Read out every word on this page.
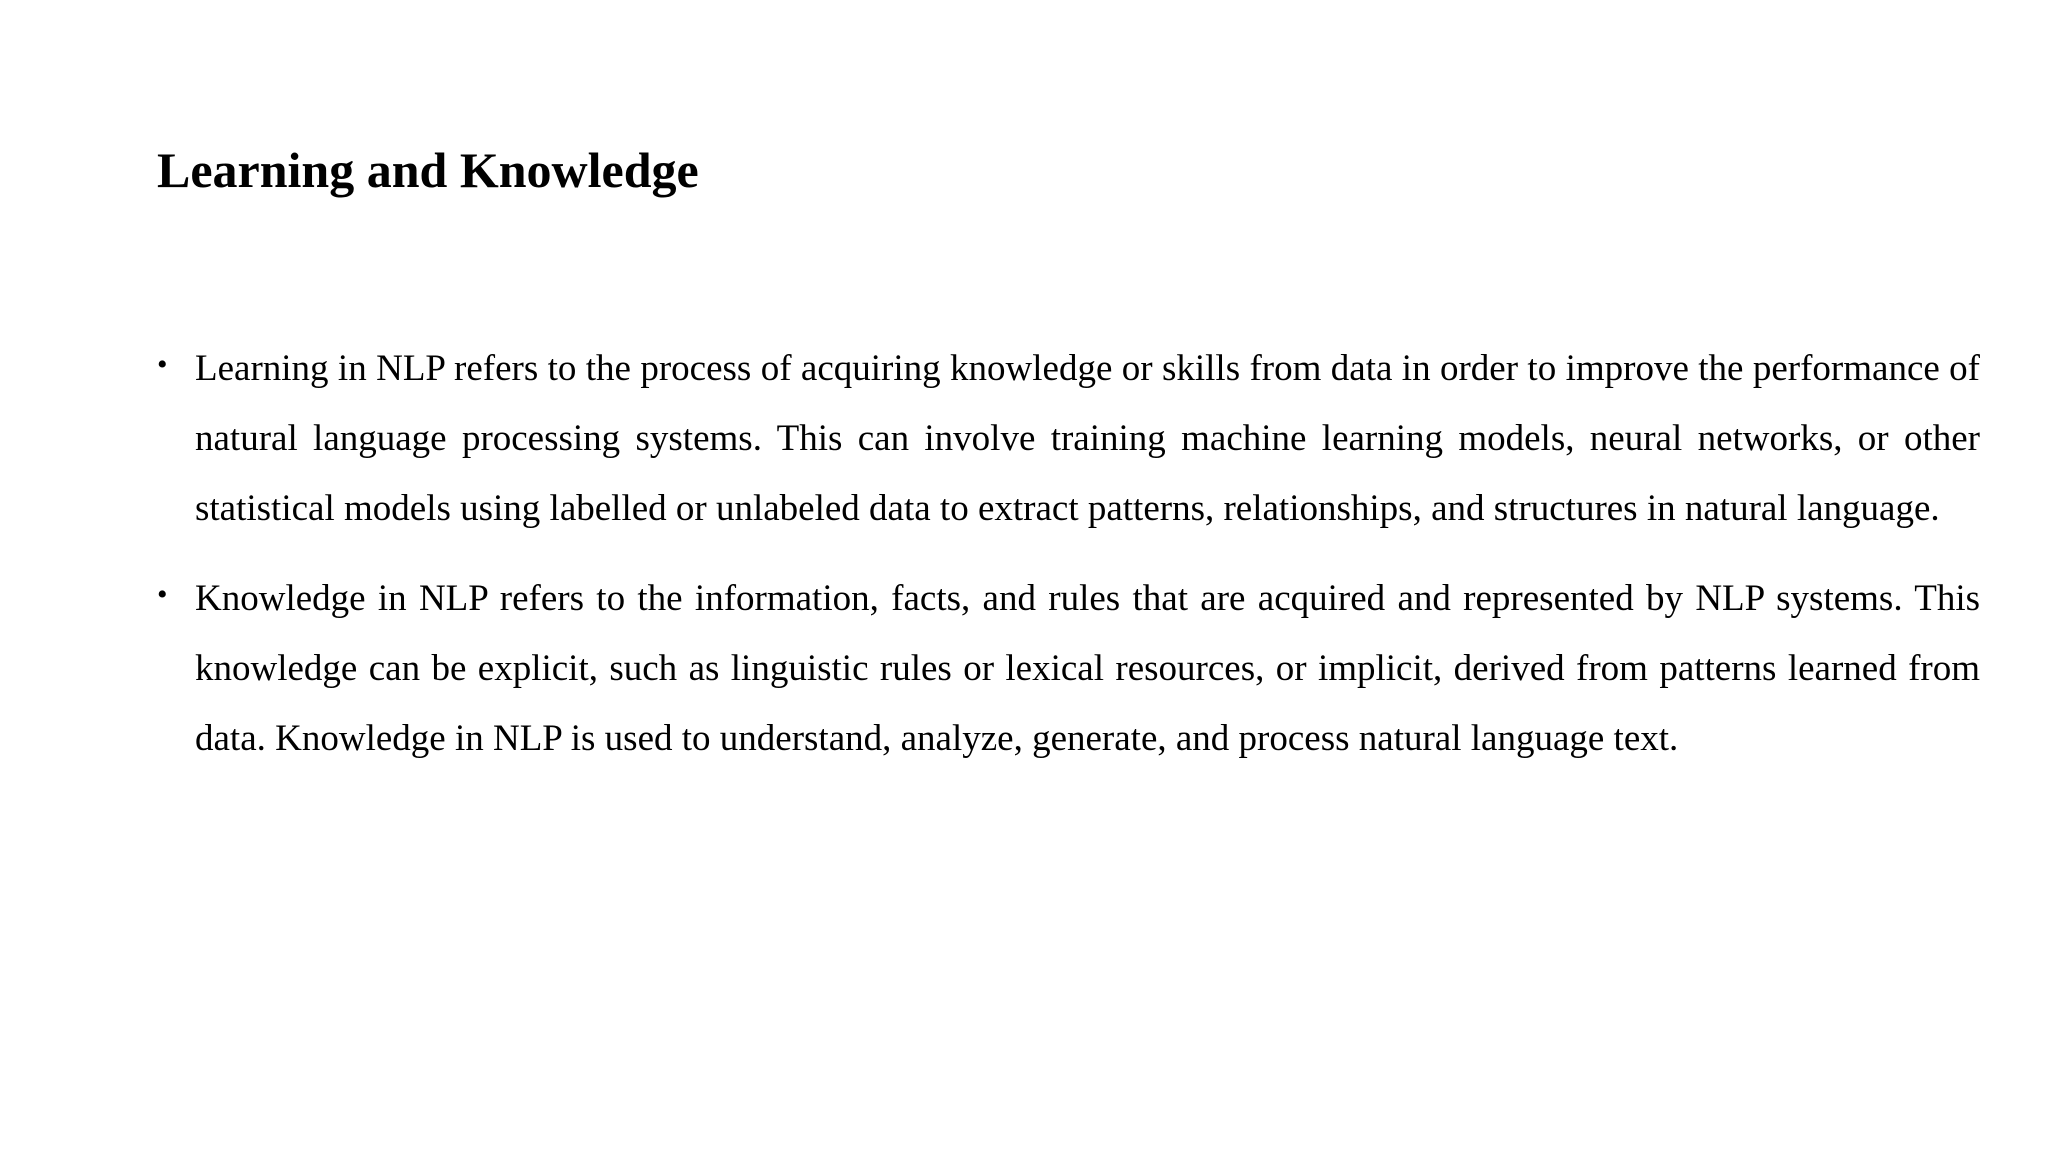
Learning and Knowledge
• Learning in NLP refers to the process of acquiring knowledge or skills from data in order to improve the performance of natural language processing systems. This can involve training machine learning models, neural networks, or other statistical models using labelled or unlabeled data to extract patterns, relationships, and structures in natural language.
• Knowledge in NLP refers to the information, facts, and rules that are acquired and represented by NLP systems. This knowledge can be explicit, such as linguistic rules or lexical resources, or implicit, derived from patterns learned from data. Knowledge in NLP is used to understand, analyze, generate, and process natural language text.
